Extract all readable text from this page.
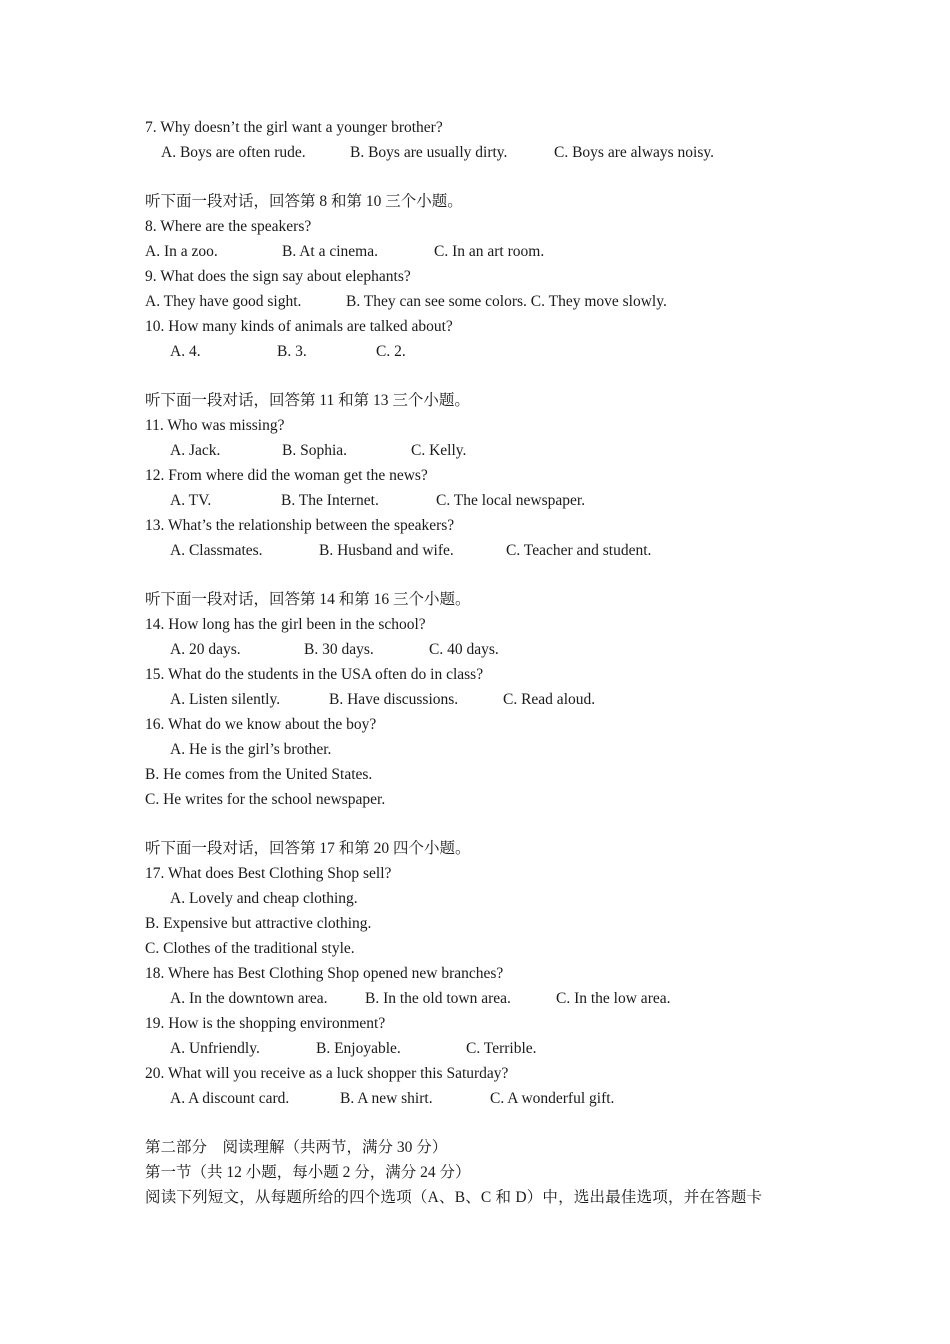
7. Why doesn’t the girl want a younger brother?
A. Boys are often rude.	B. Boys are usually dirty.	C. Boys are always noisy.
听下面一段对话，回答第 8 和第 10 三个小题。
8. Where are the speakers?
A. In a zoo.	B. At a cinema.	C. In an art room.
9. What does the sign say about elephants?
A. They have good sight.	B. They can see some colors. C. They move slowly.
10. How many kinds of animals are talked about?
A. 4.	B. 3.	C. 2.
听下面一段对话，回答第 11 和第 13 三个小题。
11. Who was missing?
A. Jack.	B. Sophia.	C. Kelly.
12. From where did the woman get the news?
A. TV.	B. The Internet.	C. The local newspaper.
13. What’s the relationship between the speakers?
A. Classmates.	B. Husband and wife.	C. Teacher and student.
听下面一段对话，回答第 14 和第 16 三个小题。
14. How long has the girl been in the school?
A. 20 days.	B. 30 days.	C. 40 days.
15. What do the students in the USA often do in class?
A. Listen silently.	B. Have discussions.	C. Read aloud.
16. What do we know about the boy?
A. He is the girl’s brother.
B. He comes from the United States.
C. He writes for the school newspaper.
听下面一段对话，回答第 17 和第 20 四个小题。
17. What does Best Clothing Shop sell?
A. Lovely and cheap clothing.
B. Expensive but attractive clothing.
C. Clothes of the traditional style.
18. Where has Best Clothing Shop opened new branches?
A. In the downtown area. B. In the old town area.	C. In the low area.
19. How is the shopping environment?
A. Unfriendly.	B. Enjoyable.	C. Terrible.
20. What will you receive as a luck shopper this Saturday?
A. A discount card.	B. A new shirt.	C. A wonderful gift.
第二部分　阅读理解（共两节，满分 30 分）
第一节（共 12 小题，每小题 2 分，满分 24 分）
阅读下列短文，从每题所给的四个选项（A、B、C 和 D）中，选出最佳选项，并在答题卡
